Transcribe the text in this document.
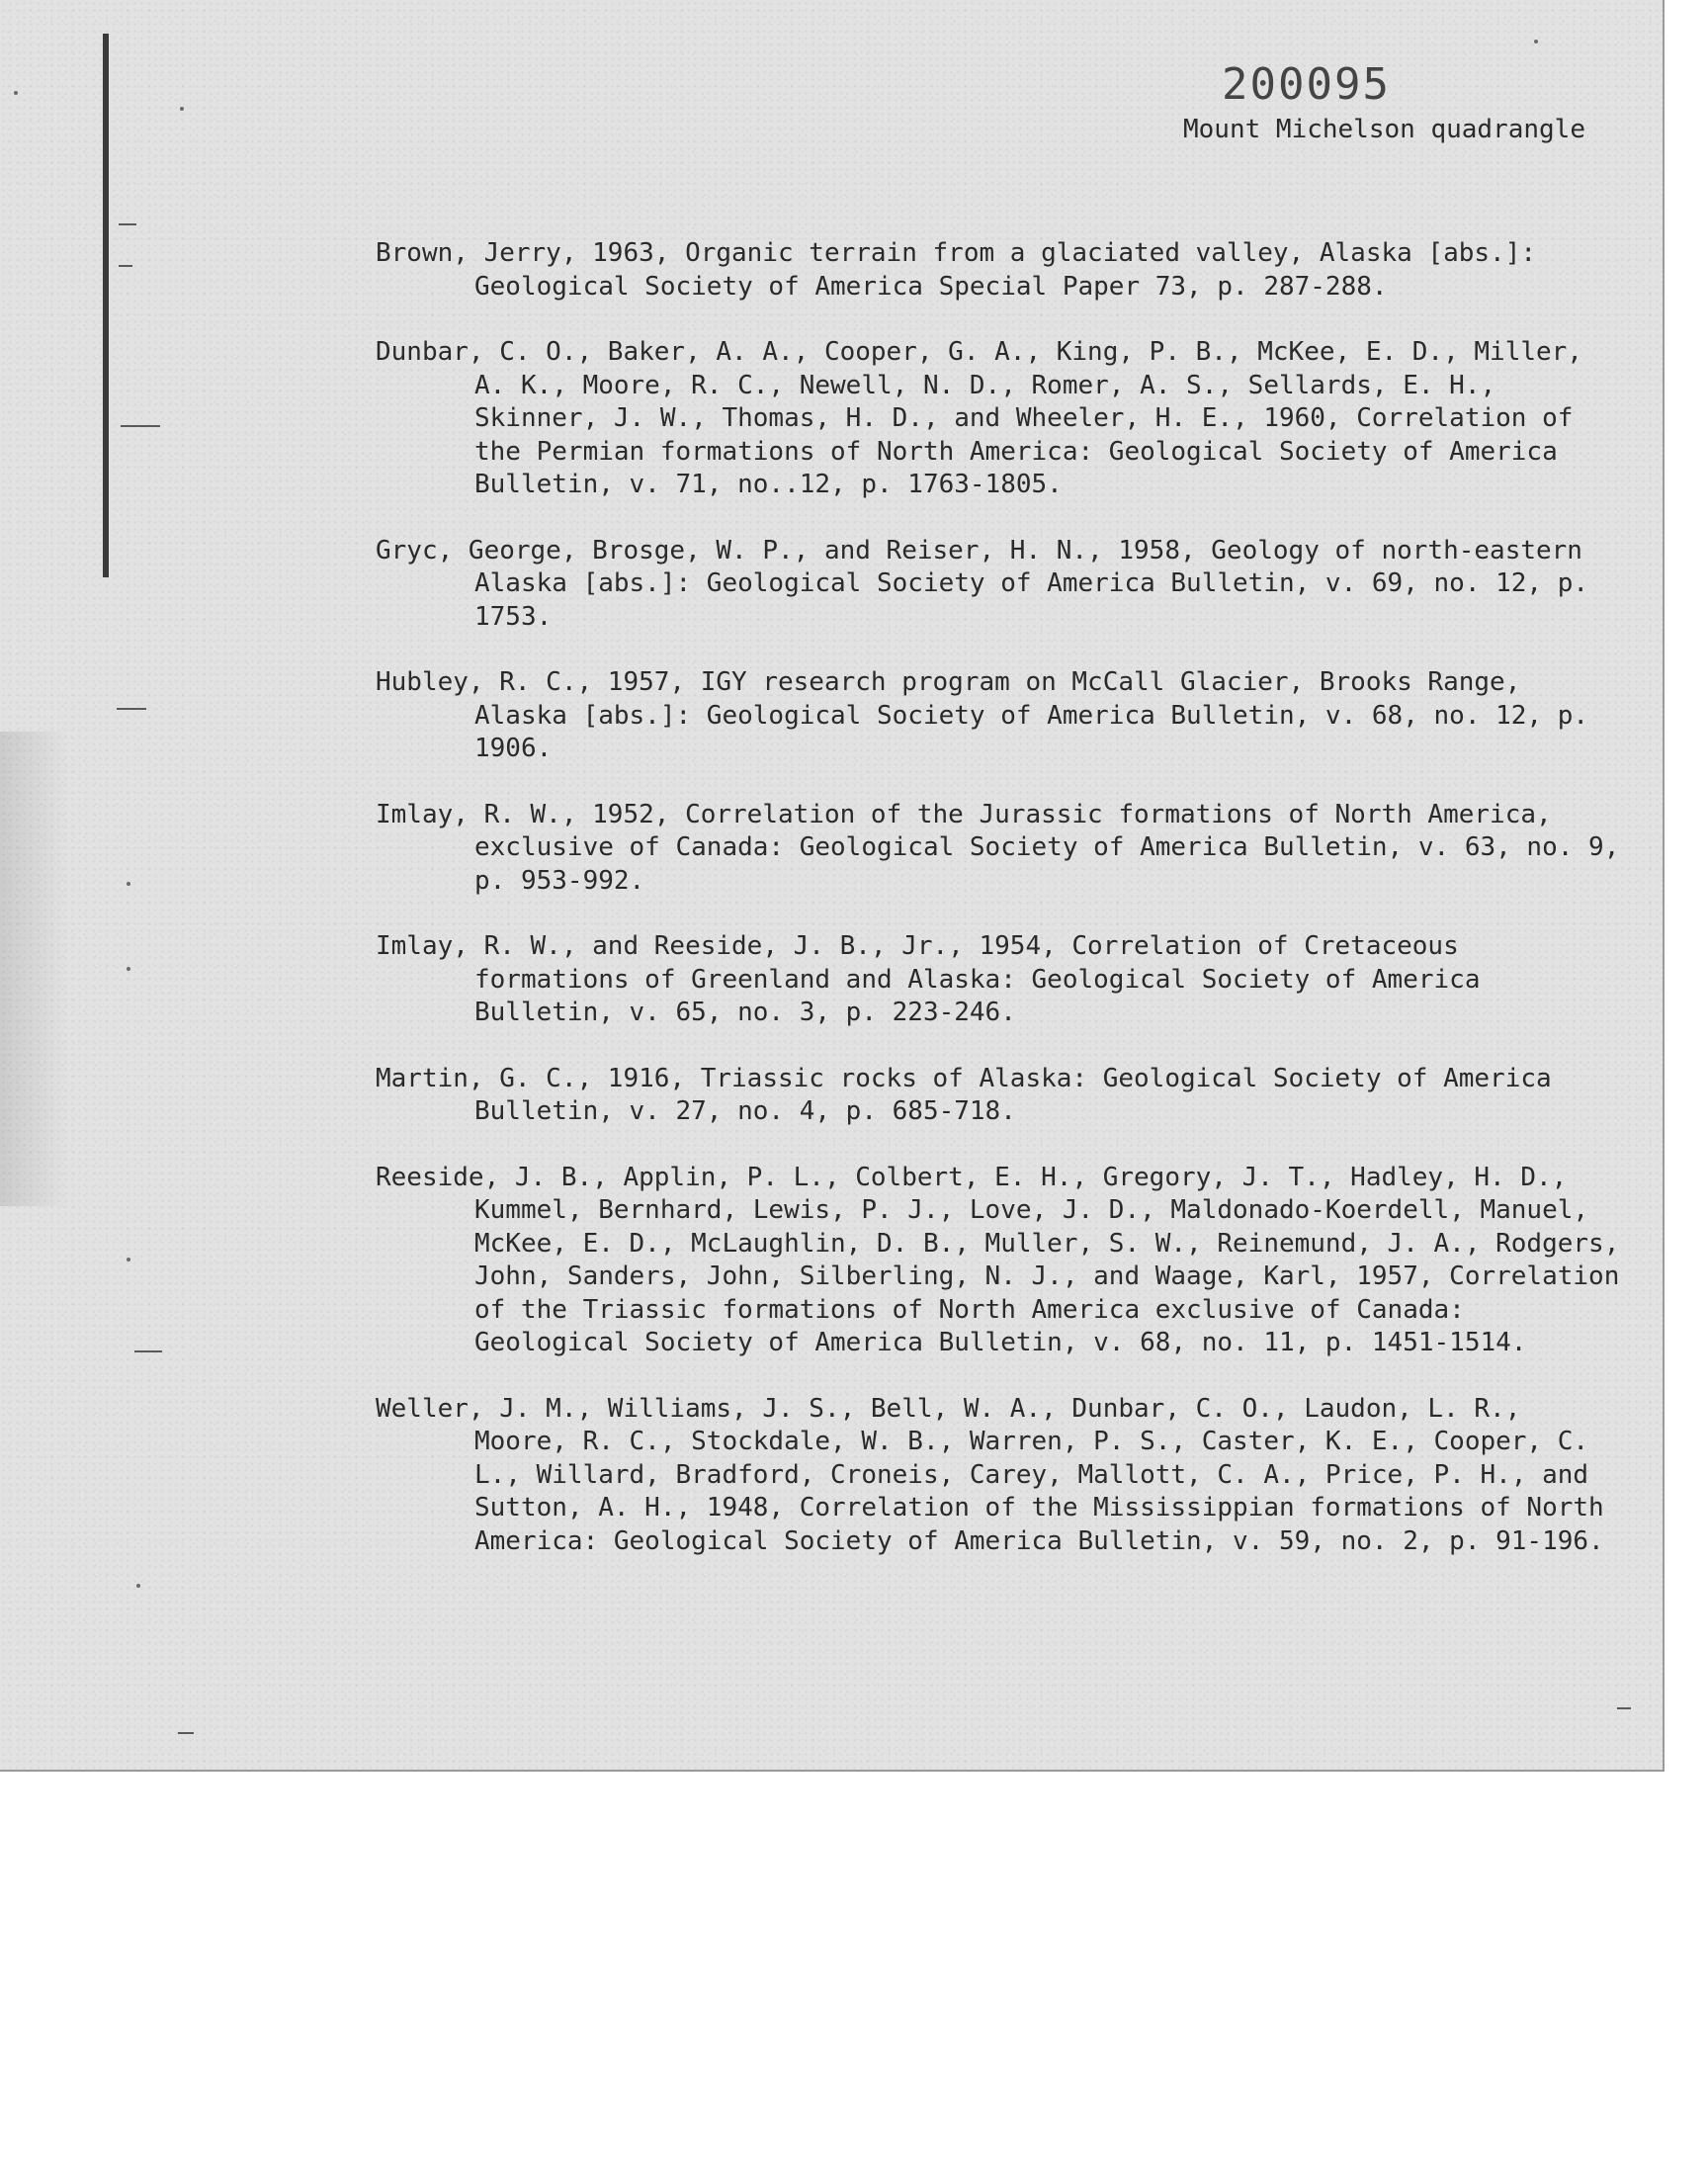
200095
Mount Michelson quadrangle

Brown, Jerry, 1963, Organic terrain from a glaciated valley, Alaska [abs.]: Geological Society of America Special Paper 73, p. 287-288.

Dunbar, C. O., Baker, A. A., Cooper, G. A., King, P. B., McKee, E. D., Miller, A. K., Moore, R. C., Newell, N. D., Romer, A. S., Sellards, E. H., Skinner, J. W., Thomas, H. D., and Wheeler, H. E., 1960, Correlation of the Permian formations of North America: Geological Society of America Bulletin, v. 71, no..12, p. 1763-1805.

Gryc, George, Brosge, W. P., and Reiser, H. N., 1958, Geology of north-eastern Alaska [abs.]: Geological Society of America Bulletin, v. 69, no. 12, p. 1753.

Hubley, R. C., 1957, IGY research program on McCall Glacier, Brooks Range, Alaska [abs.]: Geological Society of America Bulletin, v. 68, no. 12, p. 1906.

Imlay, R. W., 1952, Correlation of the Jurassic formations of North America, exclusive of Canada: Geological Society of America Bulletin, v. 63, no. 9, p. 953-992.

Imlay, R. W., and Reeside, J. B., Jr., 1954, Correlation of Cretaceous formations of Greenland and Alaska: Geological Society of America Bulletin, v. 65, no. 3, p. 223-246.

Martin, G. C., 1916, Triassic rocks of Alaska: Geological Society of America Bulletin, v. 27, no. 4, p. 685-718.

Reeside, J. B., Applin, P. L., Colbert, E. H., Gregory, J. T., Hadley, H. D., Kummel, Bernhard, Lewis, P. J., Love, J. D., Maldonado-Koerdell, Manuel, McKee, E. D., McLaughlin, D. B., Muller, S. W., Reinemund, J. A., Rodgers, John, Sanders, John, Silberling, N. J., and Waage, Karl, 1957, Correlation of the Triassic formations of North America exclusive of Canada: Geological Society of America Bulletin, v. 68, no. 11, p. 1451-1514.

Weller, J. M., Williams, J. S., Bell, W. A., Dunbar, C. O., Laudon, L. R., Moore, R. C., Stockdale, W. B., Warren, P. S., Caster, K. E., Cooper, C. L., Willard, Bradford, Croneis, Carey, Mallott, C. A., Price, P. H., and Sutton, A. H., 1948, Correlation of the Mississippian formations of North America: Geological Society of America Bulletin, v. 59, no. 2, p. 91-196.
